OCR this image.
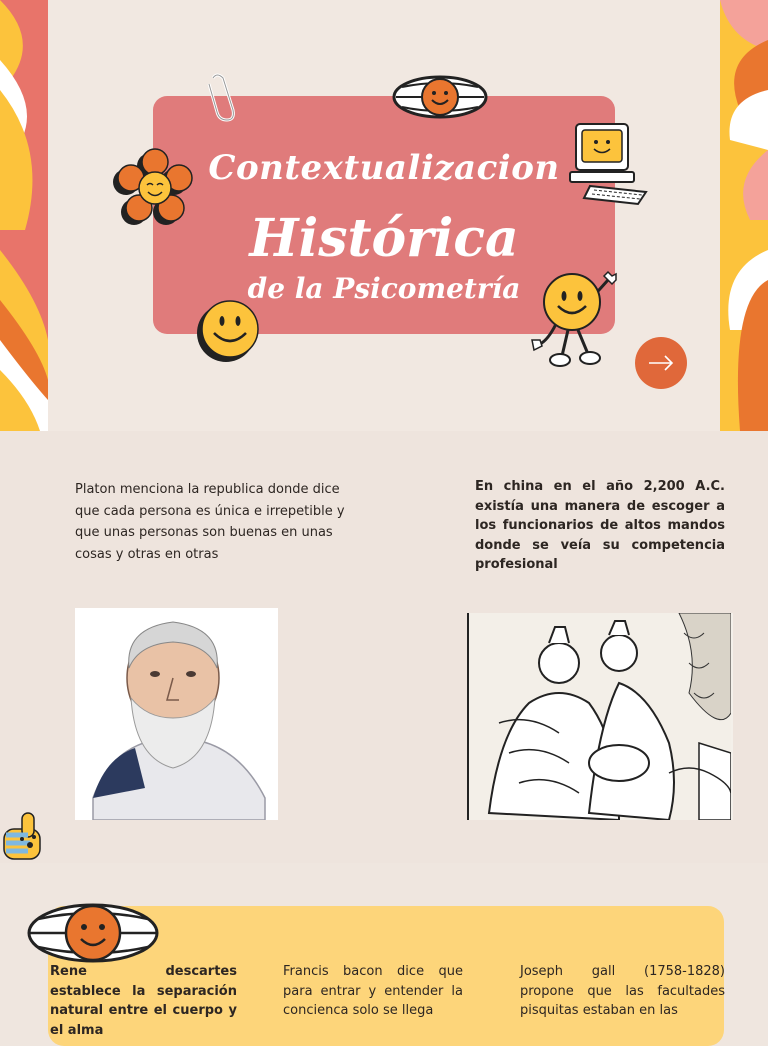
Contextualizacion
Histórica
de la Psicometría
Platon menciona la republica donde dice que cada persona es única e irrepetible y que unas personas son buenas en unas cosas y otras en otras
En china en el año 2,200 A.C. existía una manera de escoger a los funcionarios de altos mandos donde se veía su competencia profesional
Rene descartes establece la separación natural entre el cuerpo y el alma
Francis bacon dice que para entrar y entender la concienca solo se llega
Joseph gall (1758-1828) propone que las facultades pisquitas estaban en las
